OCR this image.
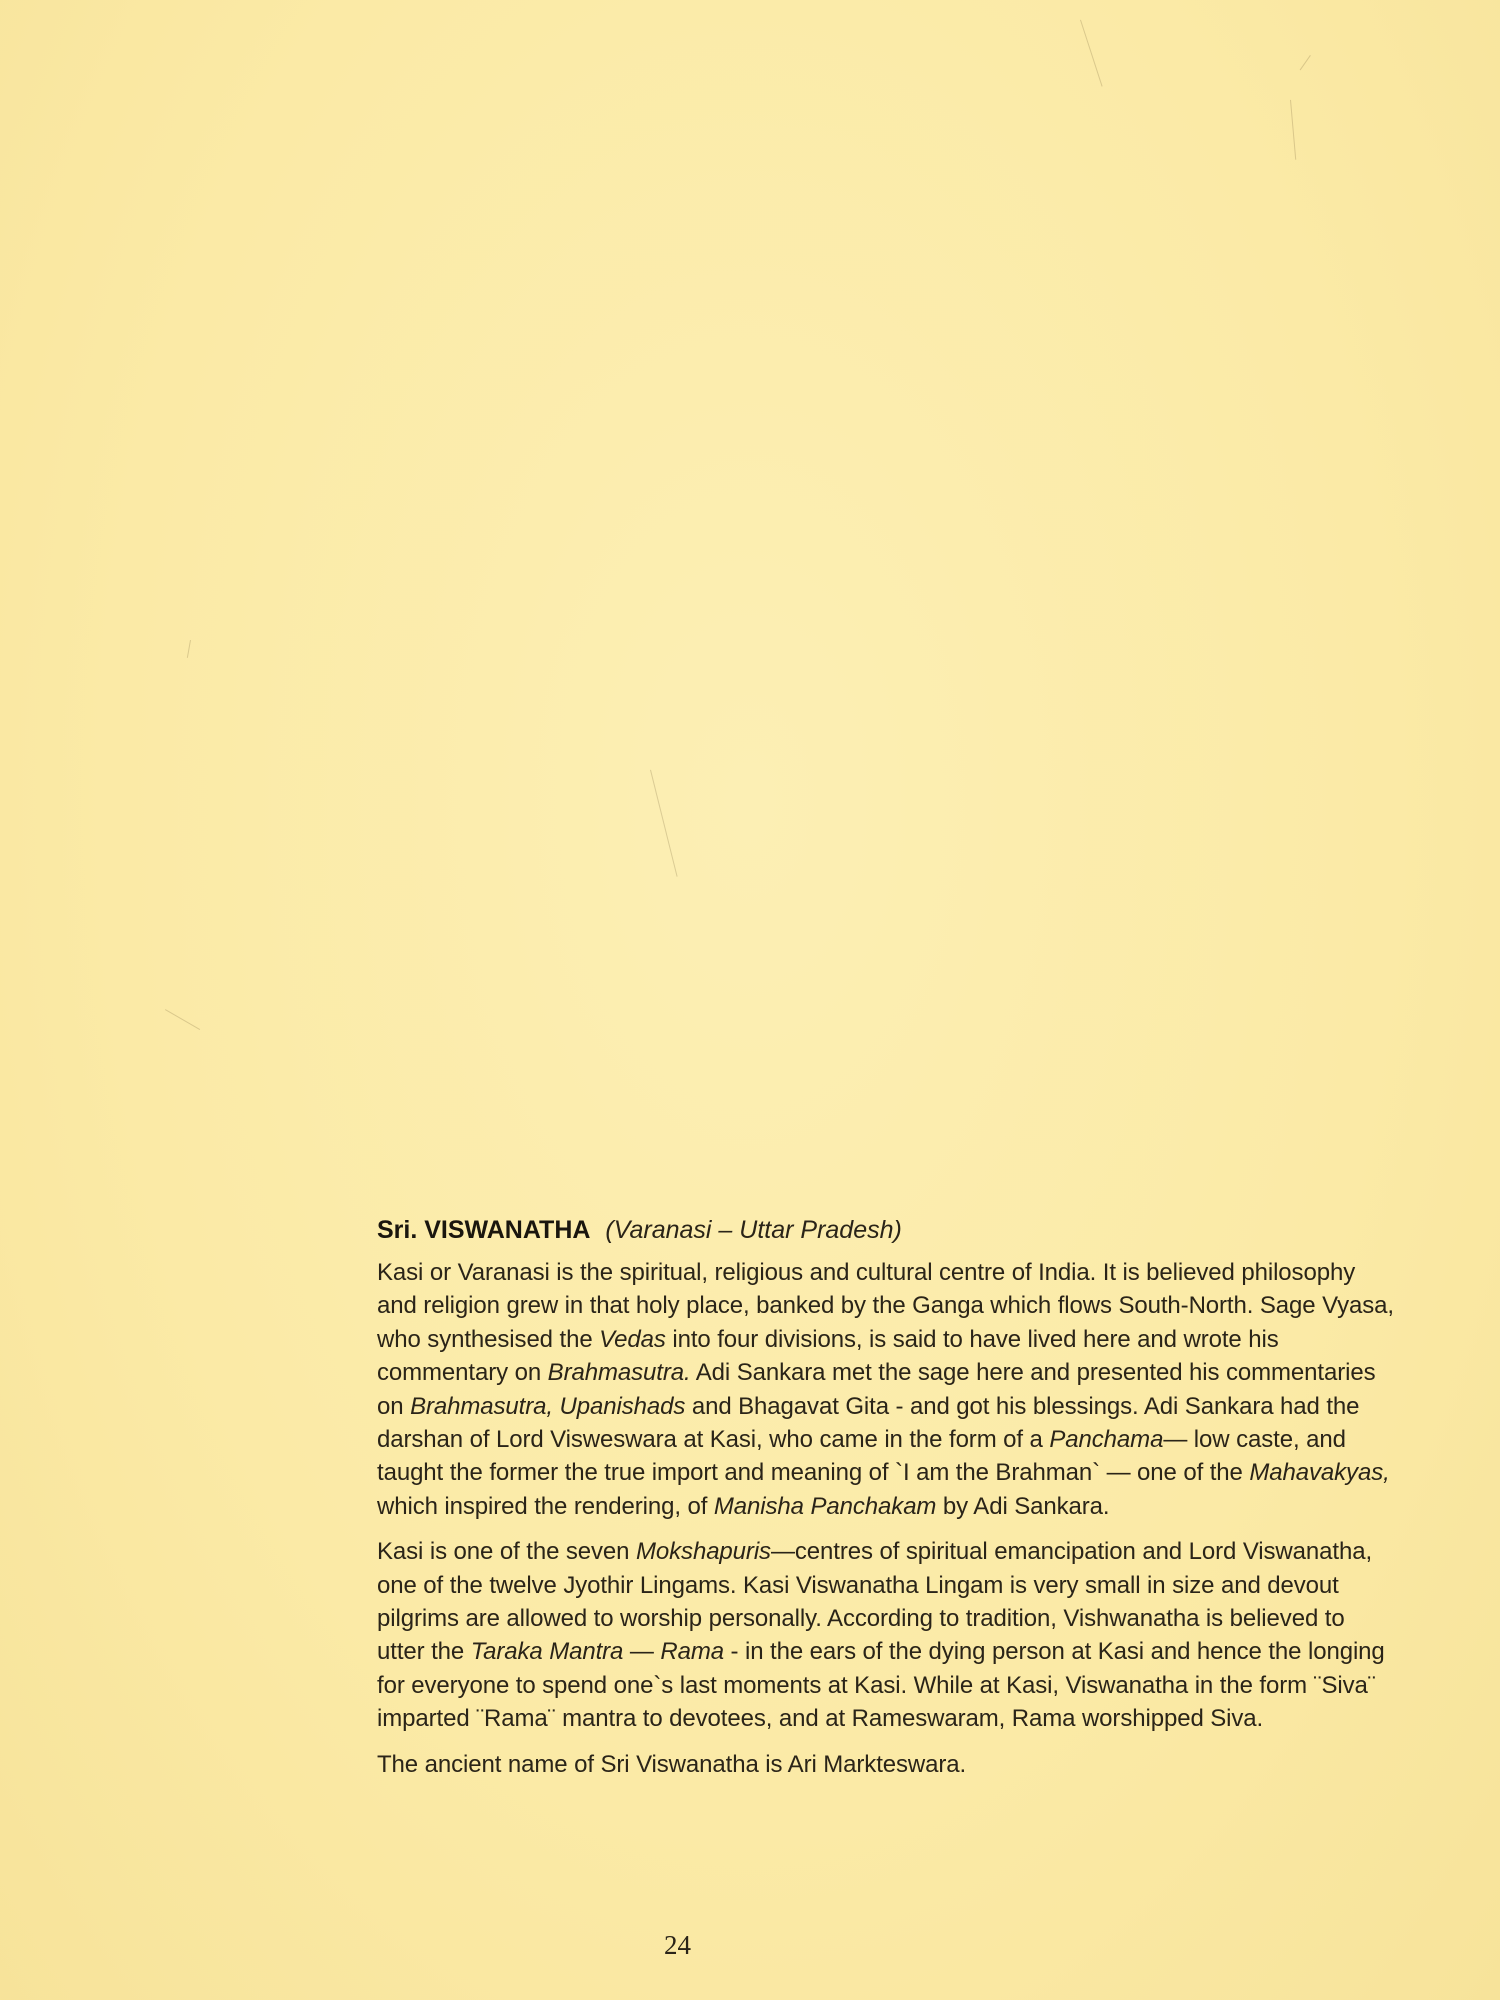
Sri. VISWANATHA (Varanasi – Uttar Pradesh)

Kasi or Varanasi is the spiritual, religious and cultural centre of India. It is believed philosophy and religion grew in that holy place, banked by the Ganga which flows South-North. Sage Vyasa, who synthesised the Vedas into four divisions, is said to have lived here and wrote his commentary on Brahmasutra. Adi Sankara met the sage here and presented his commentaries on Brahmasutra, Upanishads and Bhagavat Gita - and got his blessings. Adi Sankara had the darshan of Lord Visweswara at Kasi, who came in the form of a Panchama— low caste, and taught the former the true import and meaning of `I am the Brahman` — one of the Mahavakyas, which inspired the rendering, of Manisha Panchakam by Adi Sankara.

Kasi is one of the seven Mokshapuris—centres of spiritual emancipation and Lord Viswanatha, one of the twelve Jyothir Lingams. Kasi Viswanatha Lingam is very small in size and devout pilgrims are allowed to worship personally. According to tradition, Vishwanatha is believed to utter the Taraka Mantra — Rama - in the ears of the dying person at Kasi and hence the longing for everyone to spend one`s last moments at Kasi. While at Kasi, Viswanatha in the form ¨Siva¨ imparted ¨Rama¨ mantra to devotees, and at Rameswaram, Rama worshipped Siva.

The ancient name of Sri Viswanatha is Ari Markteswara.

24
